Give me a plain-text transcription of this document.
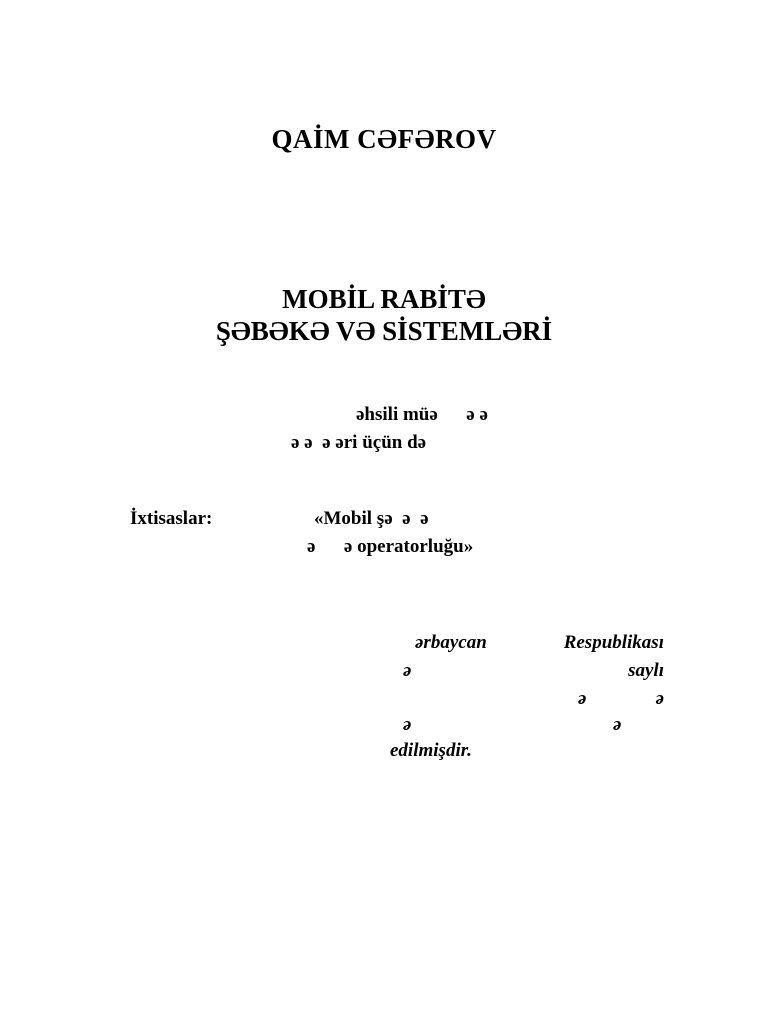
QAİM CƏFƏROV
MOBİL RABİTƏ
ŞƏBƏKƏ VƏ SİSTEMLƏRİ
əhsili müə      ə ə
ə ə  ə əri üçün də
İxtisaslar:	«Mobil şə  ə  ə
ə      ə operatorluğu»
ərbaycan	Respublikası
ə	saylı
ə	ə
ə	ə
edilmişdir.
